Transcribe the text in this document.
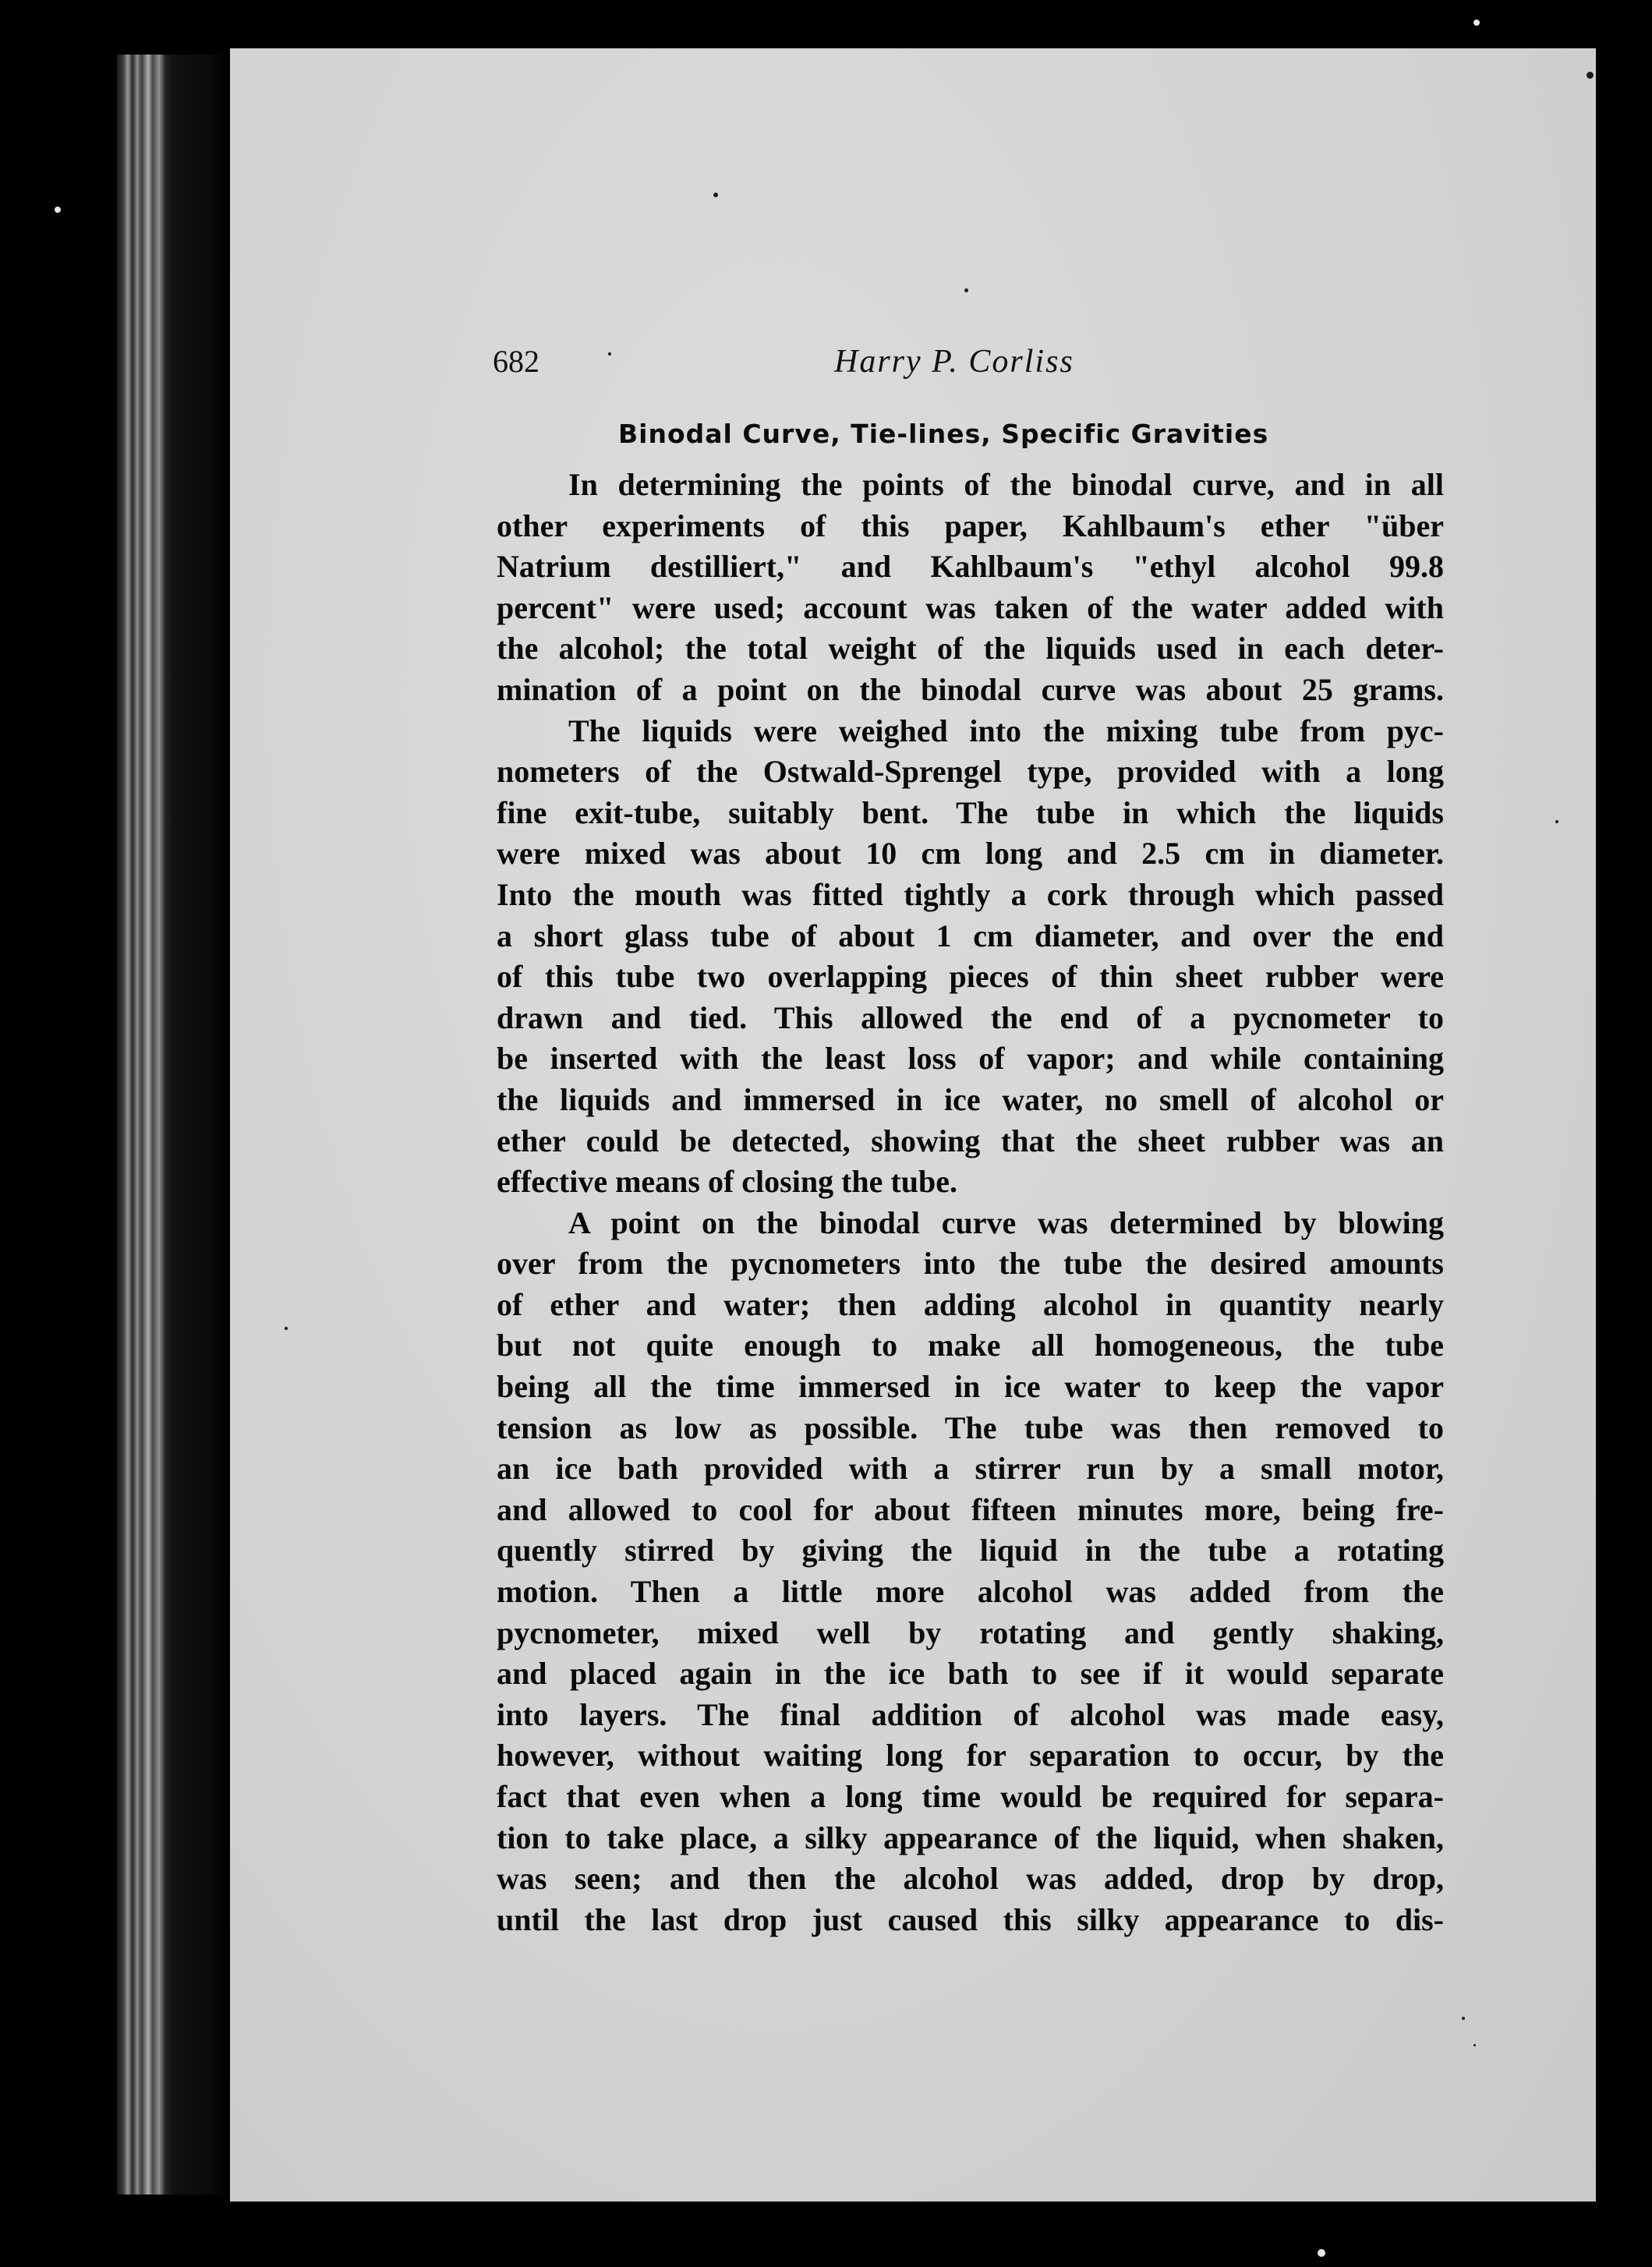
682	Harry P. Corliss
Binodal Curve, Tie-lines, Specific Gravities
In determining the points of the binodal curve, and in all
other experiments of this paper, Kahlbaum's ether "über
Natrium destilliert," and Kahlbaum's "ethyl alcohol 99.8
percent" were used; account was taken of the water added with
the alcohol; the total weight of the liquids used in each deter-
mination of a point on the binodal curve was about 25 grams.
The liquids were weighed into the mixing tube from pyc-
nometers of the Ostwald-Sprengel type, provided with a long
fine exit-tube, suitably bent. The tube in which the liquids
were mixed was about 10 cm long and 2.5 cm in diameter.
Into the mouth was fitted tightly a cork through which passed
a short glass tube of about 1 cm diameter, and over the end
of this tube two overlapping pieces of thin sheet rubber were
drawn and tied. This allowed the end of a pycnometer to
be inserted with the least loss of vapor; and while containing
the liquids and immersed in ice water, no smell of alcohol or
ether could be detected, showing that the sheet rubber was an
effective means of closing the tube.
A point on the binodal curve was determined by blowing
over from the pycnometers into the tube the desired amounts
of ether and water; then adding alcohol in quantity nearly
but not quite enough to make all homogeneous, the tube
being all the time immersed in ice water to keep the vapor
tension as low as possible. The tube was then removed to
an ice bath provided with a stirrer run by a small motor,
and allowed to cool for about fifteen minutes more, being fre-
quently stirred by giving the liquid in the tube a rotating
motion. Then a little more alcohol was added from the
pycnometer, mixed well by rotating and gently shaking,
and placed again in the ice bath to see if it would separate
into layers. The final addition of alcohol was made easy,
however, without waiting long for separation to occur, by the
fact that even when a long time would be required for separa-
tion to take place, a silky appearance of the liquid, when shaken,
was seen; and then the alcohol was added, drop by drop,
until the last drop just caused this silky appearance to dis-
